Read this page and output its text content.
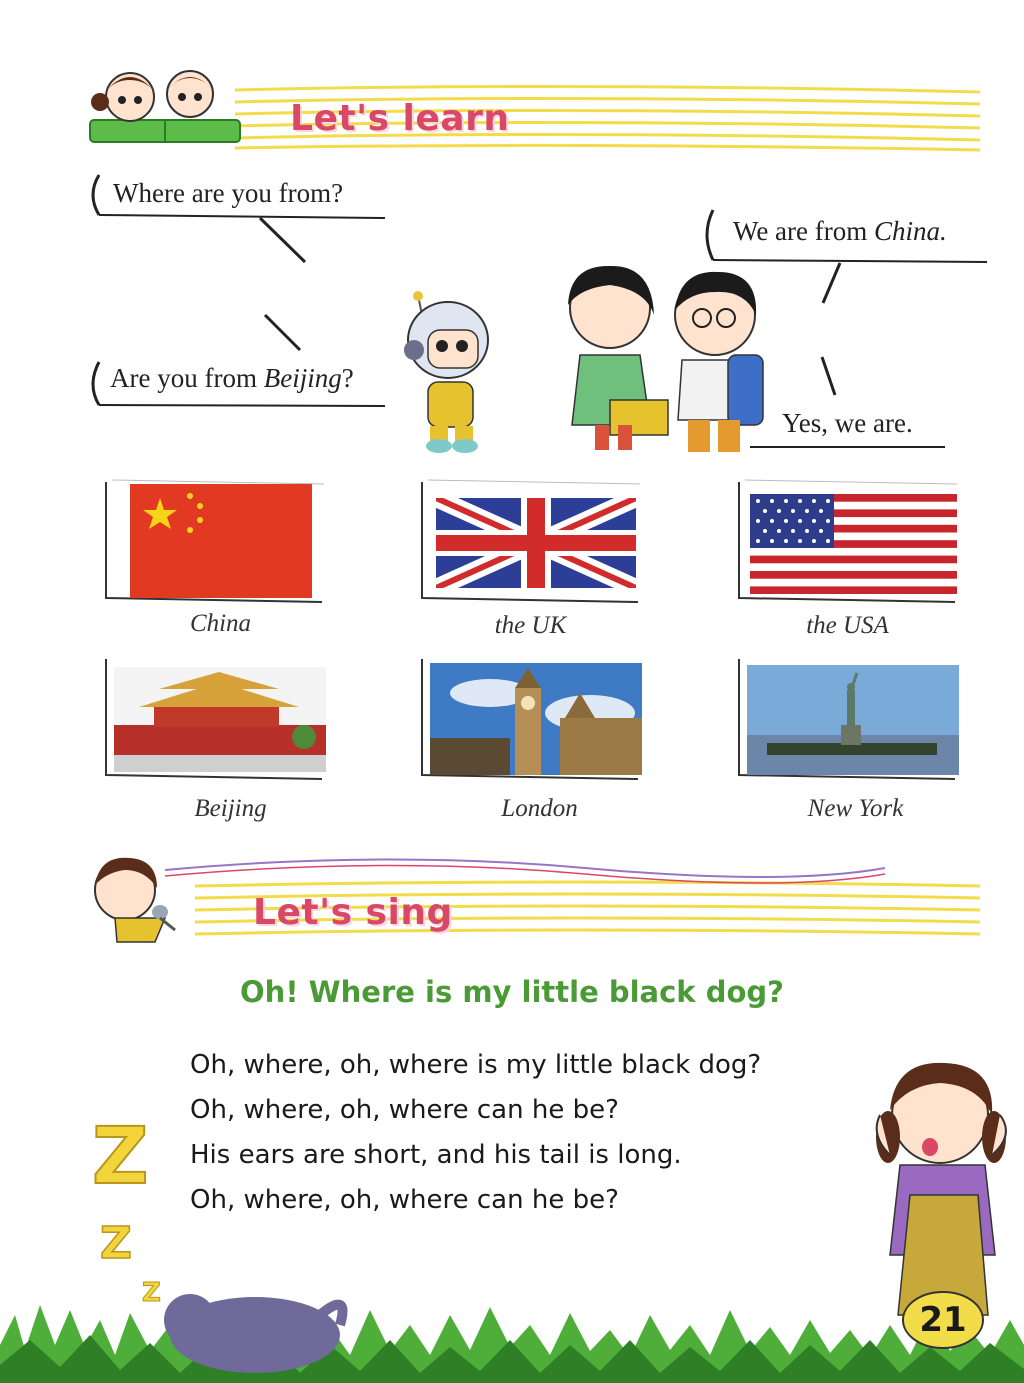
Let's learn
Where are you from?
Are you from Beijing?
We are from China.
Yes, we are.
China	the UK	the USA
Beijing	London	New York
Let's sing
Oh! Where is my little black dog?
Oh, where, oh, where is my little black dog?
Oh, where, oh, where can he be?
His ears are short, and his tail is long.
Oh, where, oh, where can he be?
Z
Z
Z
21
